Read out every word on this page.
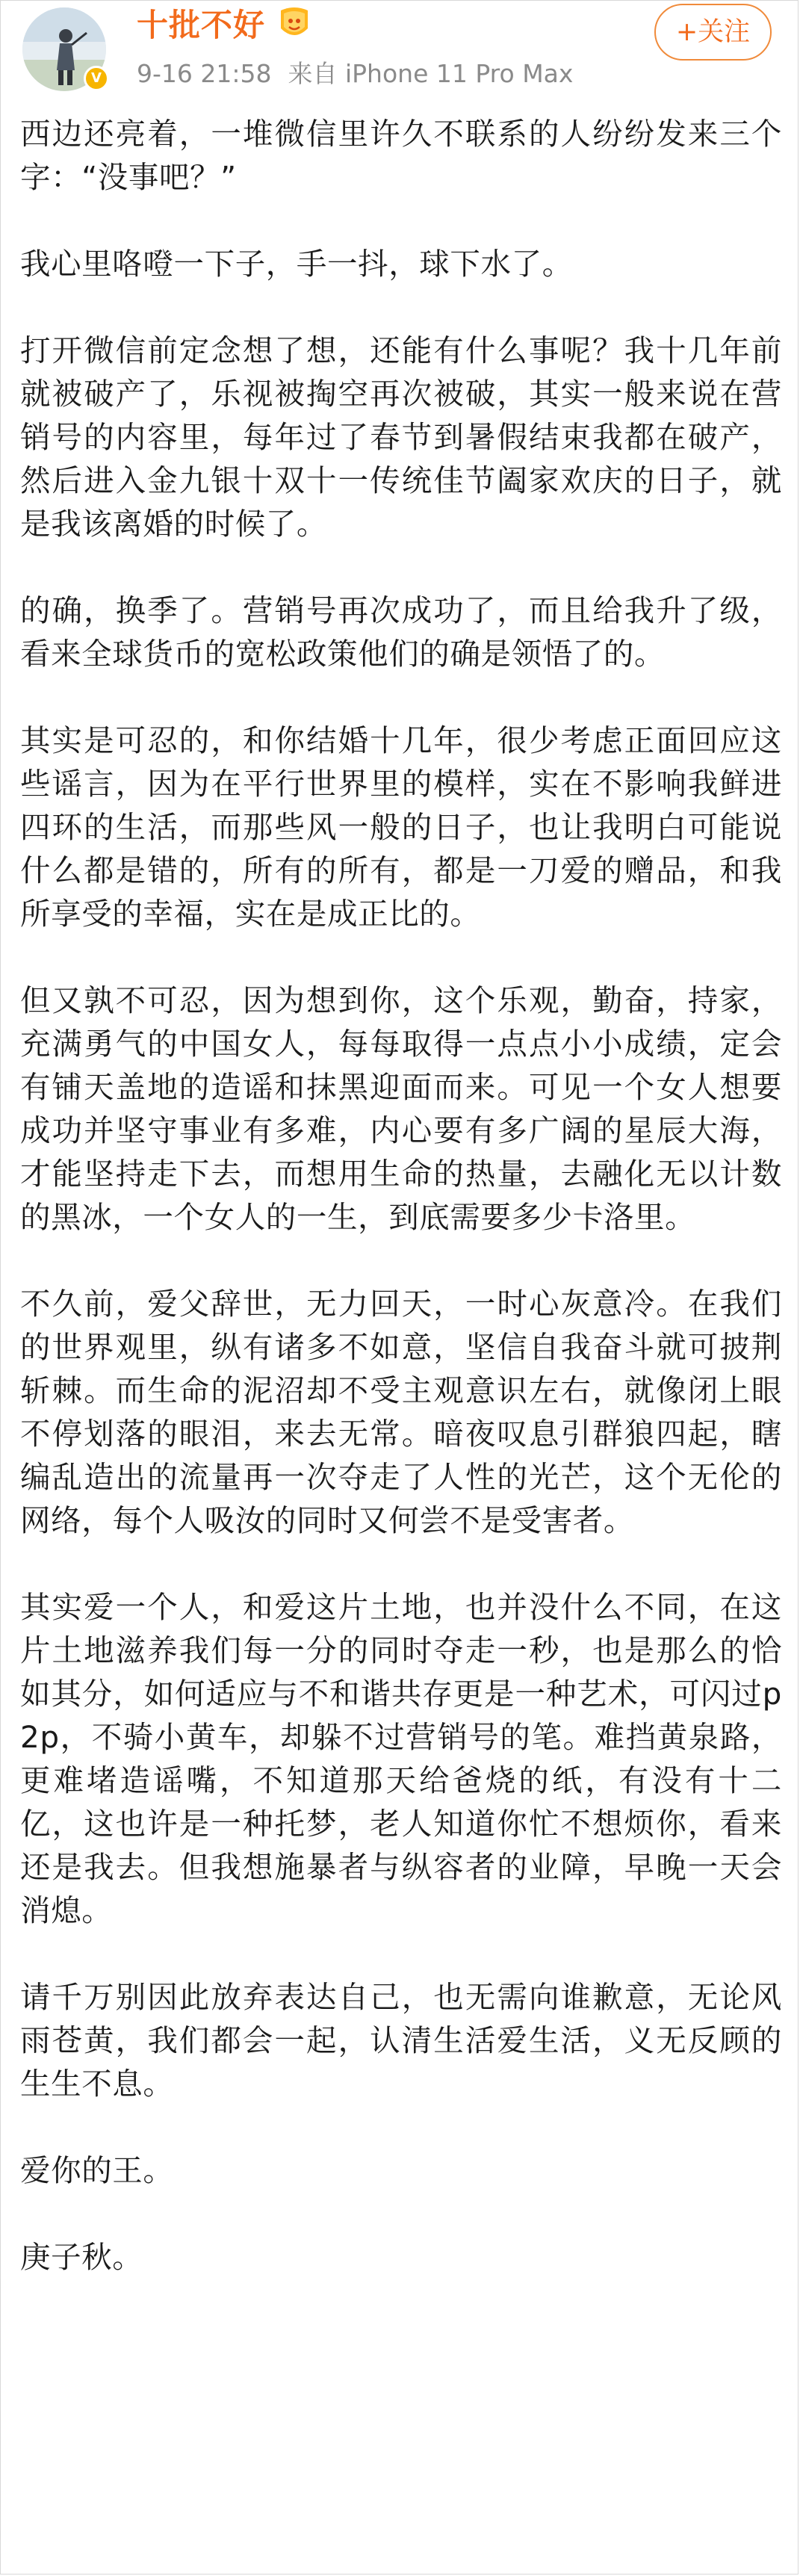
V
十批不好
9-16 21:58 来自 iPhone 11 Pro Max
+关注

西边还亮着，一堆微信里许久不联系的人纷纷发来三个字：“没事吧？”

我心里咯噔一下子，手一抖，球下水了。

打开微信前定念想了想，还能有什么事呢？我十几年前就被破产了，乐视被掏空再次被破，其实一般来说在营销号的内容里，每年过了春节到暑假结束我都在破产，然后进入金九银十双十一传统佳节阖家欢庆的日子，就是我该离婚的时候了。

的确，换季了。营销号再次成功了，而且给我升了级，看来全球货币的宽松政策他们的确是领悟了的。

其实是可忍的，和你结婚十几年，很少考虑正面回应这些谣言，因为在平行世界里的模样，实在不影响我鲜进四环的生活，而那些风一般的日子，也让我明白可能说什么都是错的，所有的所有，都是一刀爱的赠品，和我所享受的幸福，实在是成正比的。

但又孰不可忍，因为想到你，这个乐观，勤奋，持家，充满勇气的中国女人，每每取得一点点小小成绩，定会有铺天盖地的造谣和抹黑迎面而来。可见一个女人想要成功并坚守事业有多难，内心要有多广阔的星辰大海，才能坚持走下去，而想用生命的热量，去融化无以计数的黑冰，一个女人的一生，到底需要多少卡洛里。

不久前，爱父辞世，无力回天，一时心灰意冷。在我们的世界观里，纵有诸多不如意，坚信自我奋斗就可披荆斩棘。而生命的泥沼却不受主观意识左右，就像闭上眼不停划落的眼泪，来去无常。暗夜叹息引群狼四起，瞎编乱造出的流量再一次夺走了人性的光芒，这个无伦的网络，每个人吸汝的同时又何尝不是受害者。

其实爱一个人，和爱这片土地，也并没什么不同，在这片土地滋养我们每一分的同时夺走一秒，也是那么的恰如其分，如何适应与不和谐共存更是一种艺术，可闪过p2p，不骑小黄车，却躲不过营销号的笔。难挡黄泉路，更难堵造谣嘴，不知道那天给爸烧的纸，有没有十二亿，这也许是一种托梦，老人知道你忙不想烦你，看来还是我去。但我想施暴者与纵容者的业障，早晚一天会消熄。

请千万别因此放弃表达自己，也无需向谁歉意，无论风雨苍黄，我们都会一起，认清生活爱生活，义无反顾的生生不息。

爱你的王。

庚子秋。
